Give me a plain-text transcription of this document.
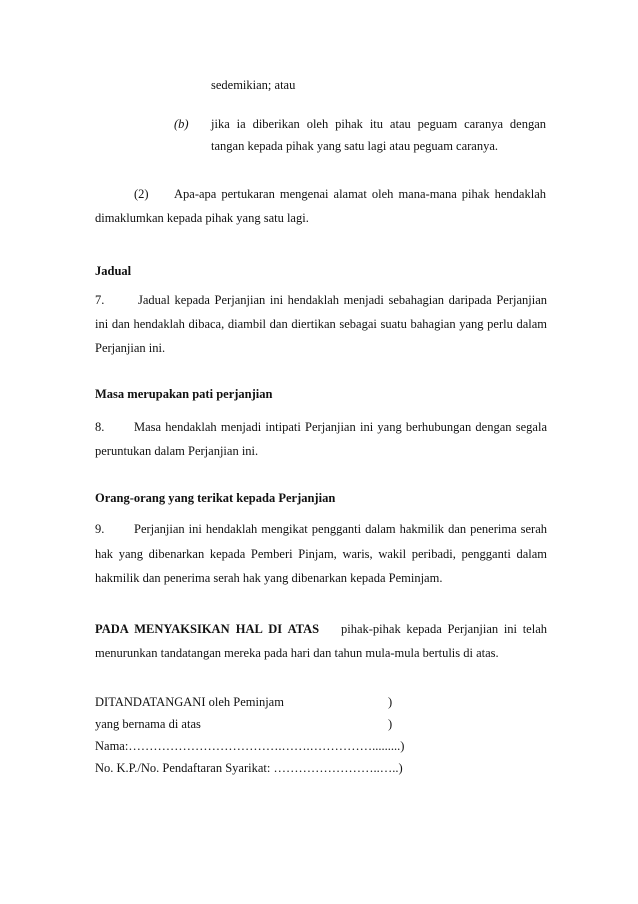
sedemikian; atau
(b) jika ia diberikan oleh pihak itu atau peguam caranya dengan
tangan kepada pihak yang satu lagi atau peguam caranya.
(2) Apa-apa pertukaran mengenai alamat oleh mana-mana pihak hendaklah
dimaklumkan kepada pihak yang satu lagi.
Jadual
7.	Jadual kepada Perjanjian ini hendaklah menjadi sebahagian daripada Perjanjian
ini dan hendaklah dibaca, diambil dan diertikan sebagai suatu bahagian yang perlu dalam
Perjanjian ini.
Masa merupakan pati perjanjian
8. Masa hendaklah menjadi intipati Perjanjian ini yang berhubungan dengan segala
peruntukan dalam Perjanjian ini.
Orang-orang yang terikat kepada Perjanjian
9. Perjanjian ini hendaklah mengikat pengganti dalam hakmilik dan penerima serah
hak yang dibenarkan kepada Pemberi Pinjam, waris, wakil peribadi, pengganti dalam
hakmilik dan penerima serah hak yang dibenarkan kepada Peminjam.
PADA MENYAKSIKAN HAL DI ATAS pihak-pihak kepada Perjanjian ini telah
menurunkan tandatangan mereka pada hari dan tahun mula-mula bertulis di atas.
DITANDATANGANI oleh Peminjam	)
yang bernama di atas	)
Nama:……………………………….…….…………….........)
No. K.P./No. Pendaftaran Syarikat: ……………………..…..)
